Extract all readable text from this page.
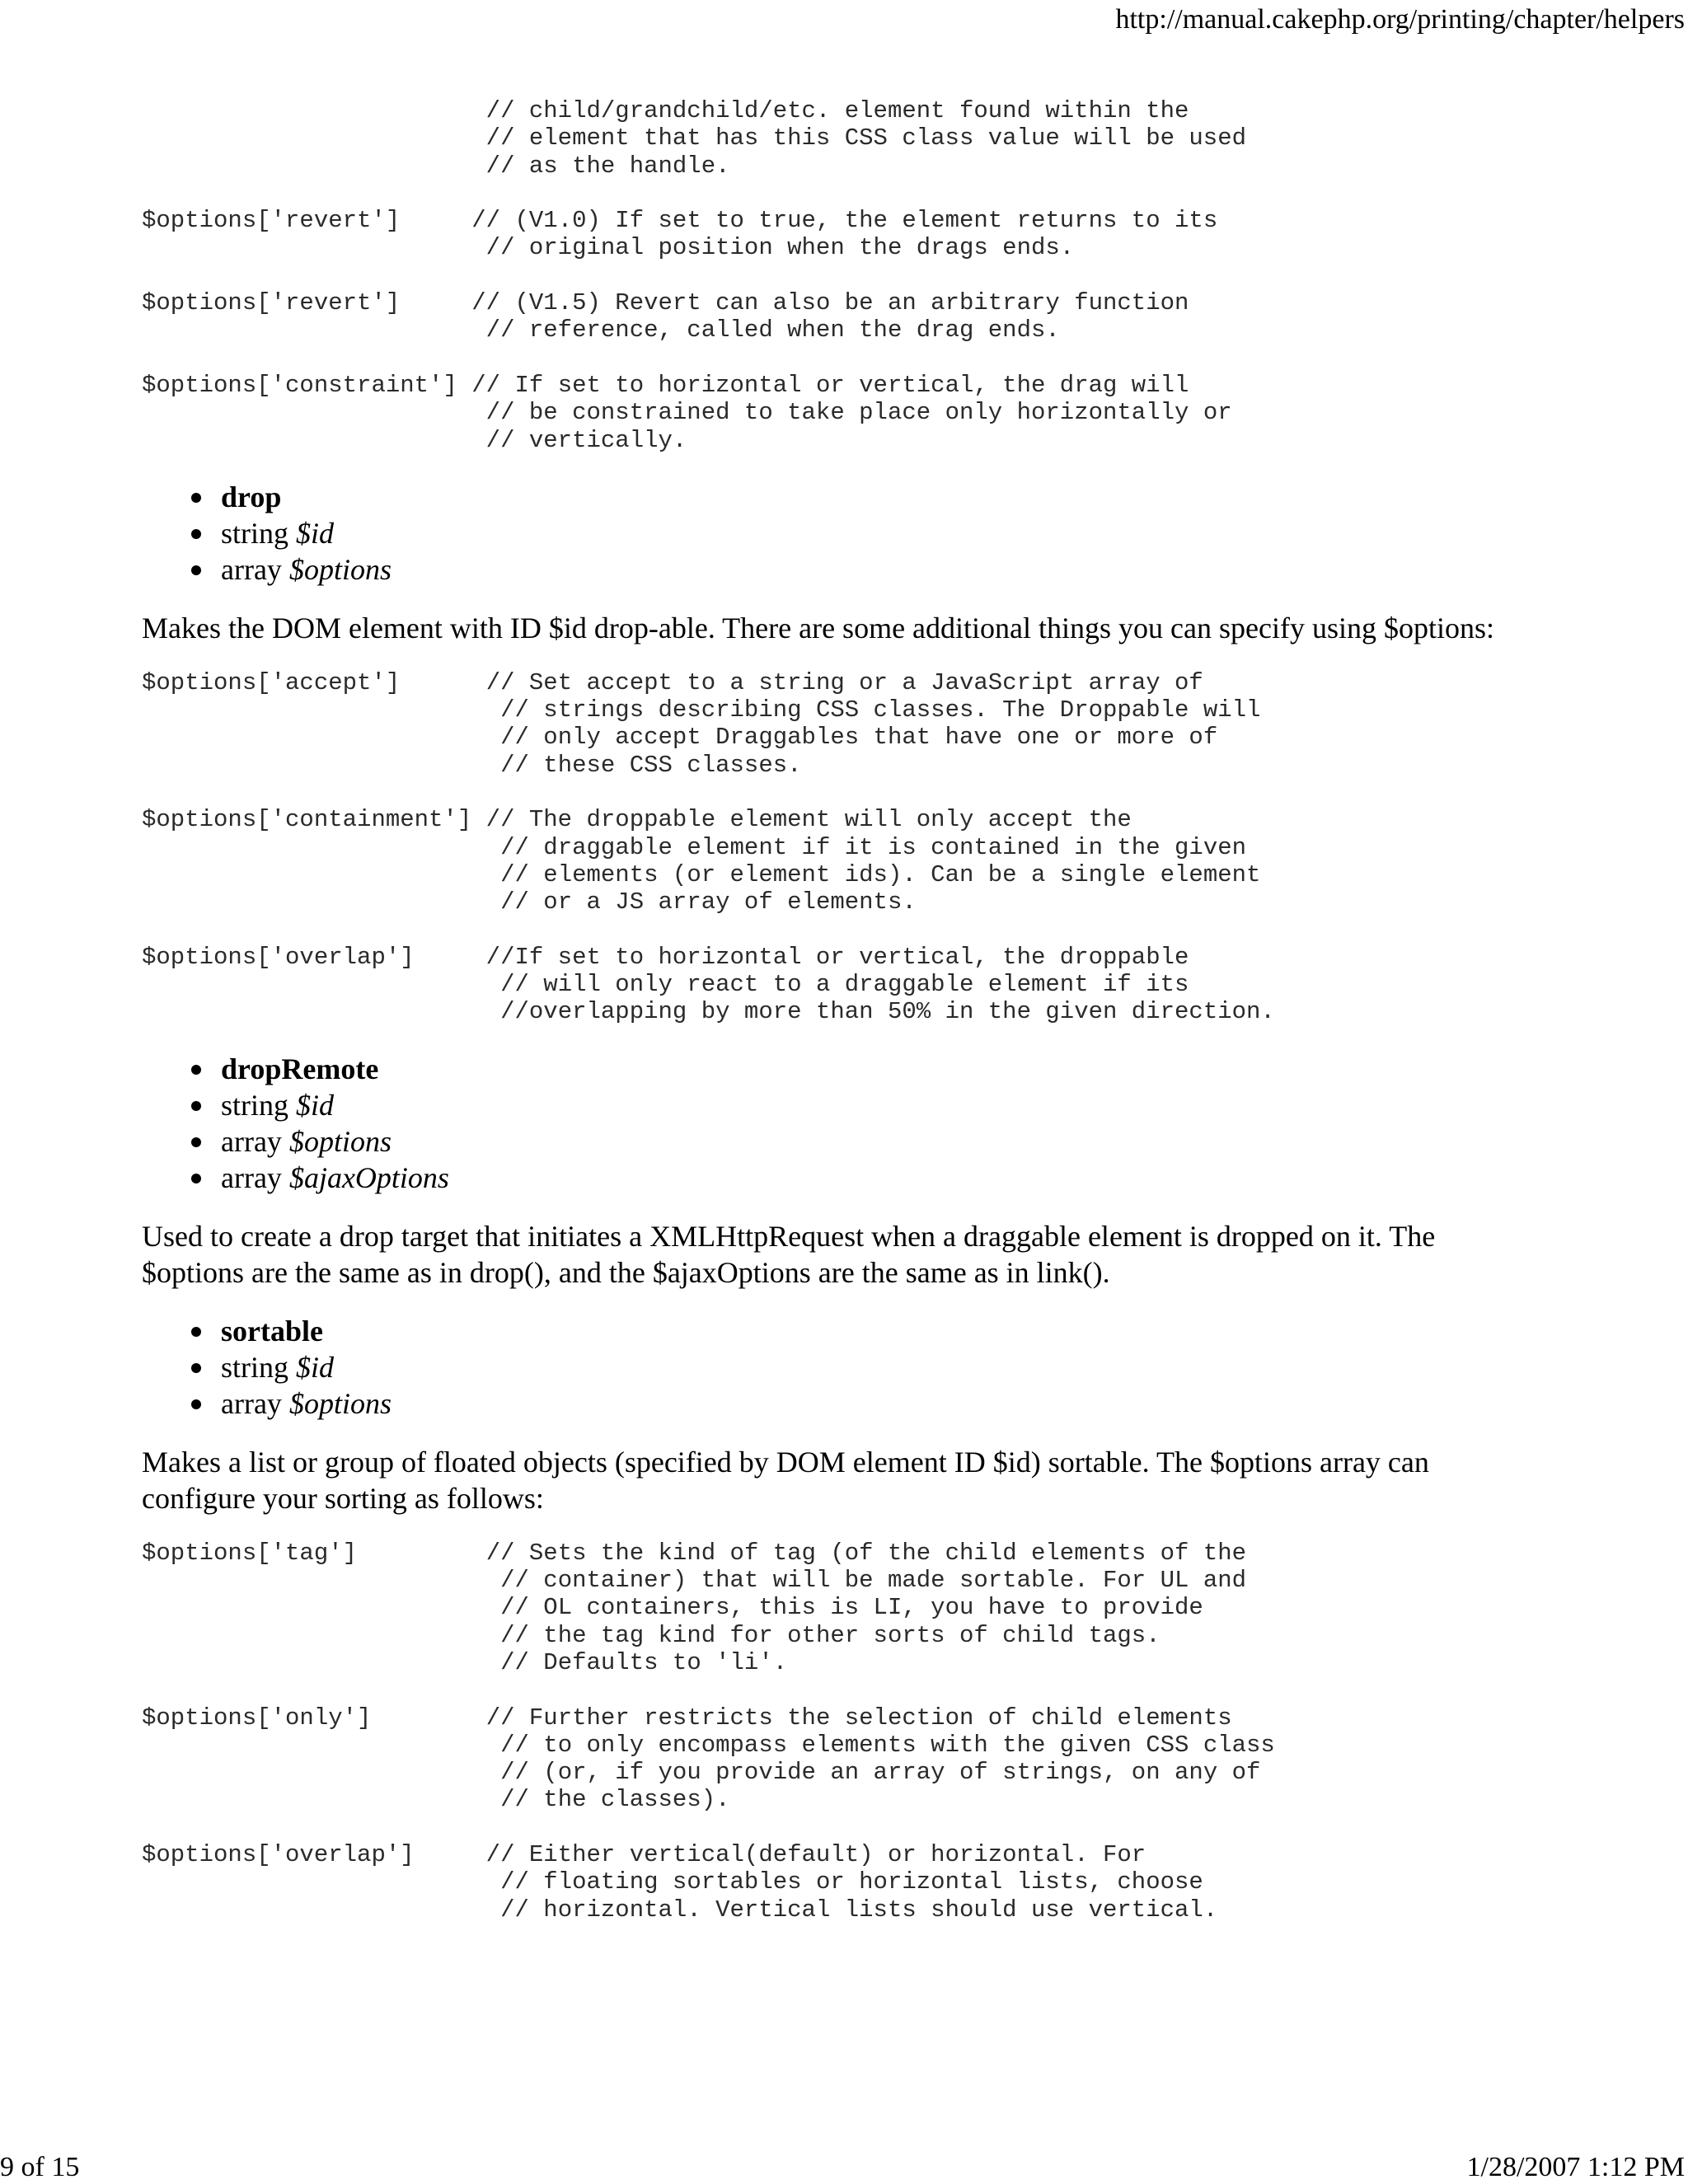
http://manual.cakephp.org/printing/chapter/helpers
// child/grandchild/etc. element found within the
// element that has this CSS class value will be used
// as the handle.
$options['revert']	// (V1.0) If set to true, the element returns to its
// original position when the drags ends.
$options['revert']	// (V1.5) Revert can also be an arbitrary function
// reference, called when the drag ends.
$options['constraint'] // If set to horizontal or vertical, the drag will
// be constrained to take place only horizontally or
// vertically.
drop
string $id
array $options

Makes the DOM element with ID $id drop-able. There are some additional things you can specify using $options:

$options['accept']	// Set accept to a string or a JavaScript array of
// strings describing CSS classes. The Droppable will
// only accept Draggables that have one or more of
// these CSS classes.
$options['containment'] // The droppable element will only accept the
// draggable element if it is contained in the given
// elements (or element ids). Can be a single element
// or a JS array of elements.
$options['overlap']	//If set to horizontal or vertical, the droppable
// will only react to a draggable element if its
//overlapping by more than 50% in the given direction.
dropRemote
string $id
array $options
array $ajaxOptions

Used to create a drop target that initiates a XMLHttpRequest when a draggable element is dropped on it. The $options are the same as in drop(), and the $ajaxOptions are the same as in link().

sortable
string $id
array $options

Makes a list or group of floated objects (specified by DOM element ID $id) sortable. The $options array can configure your sorting as follows:

$options['tag']	// Sets the kind of tag (of the child elements of the
// container) that will be made sortable. For UL and
// OL containers, this is LI, you have to provide
// the tag kind for other sorts of child tags.
// Defaults to 'li'.
$options['only']	// Further restricts the selection of child elements
// to only encompass elements with the given CSS class
// (or, if you provide an array of strings, on any of
// the classes).
$options['overlap']	// Either vertical(default) or horizontal. For
// floating sortables or horizontal lists, choose
// horizontal. Vertical lists should use vertical.
9 of 15	1/28/2007 1:12 PM
